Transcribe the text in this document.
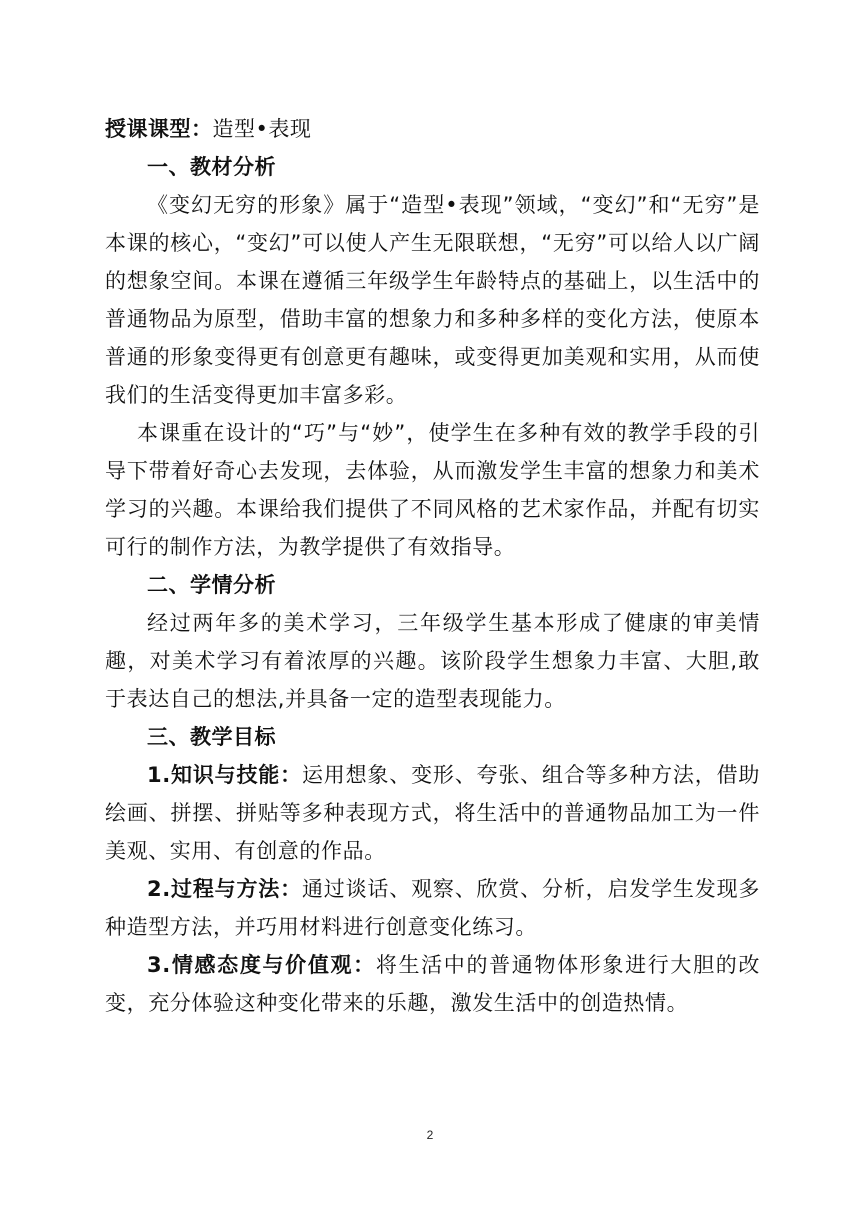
授课课型：造型•表现
一、教材分析

《变幻无穷的形象》属于“造型•表现”领域，“变幻”和“无穷”是本课的核心，“变幻”可以使人产生无限联想，“无穷”可以给人以广阔的想象空间。本课在遵循三年级学生年龄特点的基础上，以生活中的普通物品为原型，借助丰富的想象力和多种多样的变化方法，使原本普通的形象变得更有创意更有趣味，或变得更加美观和实用，从而使我们的生活变得更加丰富多彩。

本课重在设计的“巧”与“妙”，使学生在多种有效的教学手段的引导下带着好奇心去发现，去体验，从而激发学生丰富的想象力和美术学习的兴趣。本课给我们提供了不同风格的艺术家作品，并配有切实可行的制作方法，为教学提供了有效指导。

二、学情分析

经过两年多的美术学习，三年级学生基本形成了健康的审美情趣，对美术学习有着浓厚的兴趣。该阶段学生想象力丰富、大胆,敢于表达自己的想法,并具备一定的造型表现能力。

三、教学目标

1.知识与技能：运用想象、变形、夸张、组合等多种方法，借助绘画、拼摆、拼贴等多种表现方式，将生活中的普通物品加工为一件美观、实用、有创意的作品。

2.过程与方法：通过谈话、观察、欣赏、分析，启发学生发现多种造型方法，并巧用材料进行创意变化练习。

3.情感态度与价值观：将生活中的普通物体形象进行大胆的改变，充分体验这种变化带来的乐趣，激发生活中的创造热情。

2
